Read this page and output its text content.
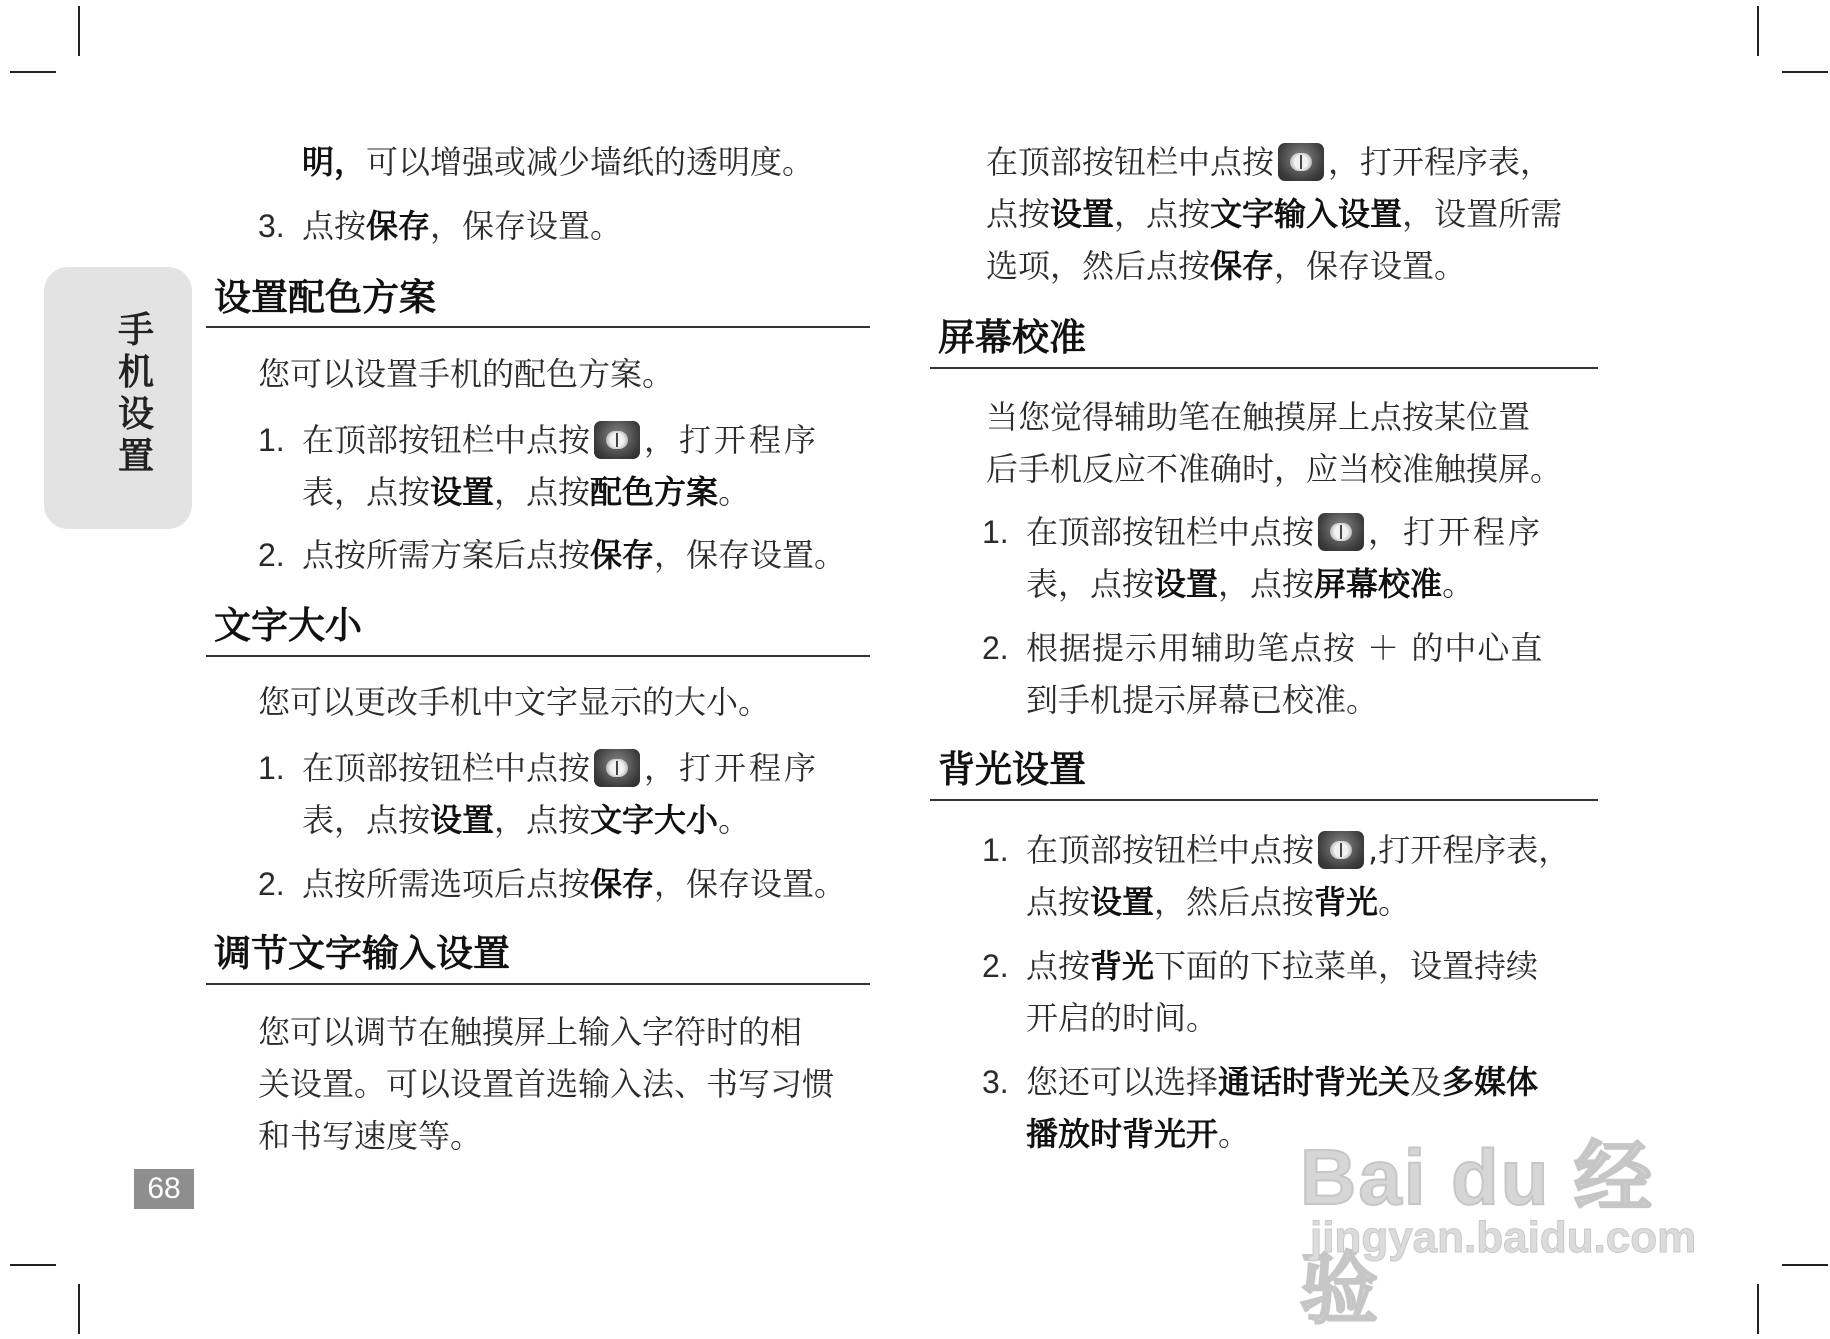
手
机
设
置
68
明，可以增强或减少墙纸的透明度。
3. 点按保存，保存设置。
设置配色方案
您可以设置手机的配色方案。
1. 在顶部按钮栏中点按 ，打开程序
表，点按设置，点按配色方案。
2. 点按所需方案后点按保存，保存设置。
文字大小
您可以更改手机中文字显示的大小。
1. 在顶部按钮栏中点按 ，打开程序
表，点按设置，点按文字大小。
2. 点按所需选项后点按保存，保存设置。
调节文字输入设置
您可以调节在触摸屏上输入字符时的相
关设置。可以设置首选输入法、书写习惯
和书写速度等。
在顶部按钮栏中点按 ，打开程序表，
点按设置，点按文字输入设置，设置所需
选项，然后点按保存，保存设置。
屏幕校准
当您觉得辅助笔在触摸屏上点按某位置
后手机反应不准确时，应当校准触摸屏。
1. 在顶部按钮栏中点按 ，打开程序
表，点按设置，点按屏幕校准。
2. 根据提示用辅助笔点按 ＋ 的中心直
到手机提示屏幕已校准。
背光设置
1. 在顶部按钮栏中点按 ,打开程序表，
点按设置，然后点按背光。
2. 点按背光下面的下拉菜单，设置持续
开启的时间。
3. 您还可以选择通话时背光关及多媒体
播放时背光开。 Bai du 经验
jingyan.baidu.com
